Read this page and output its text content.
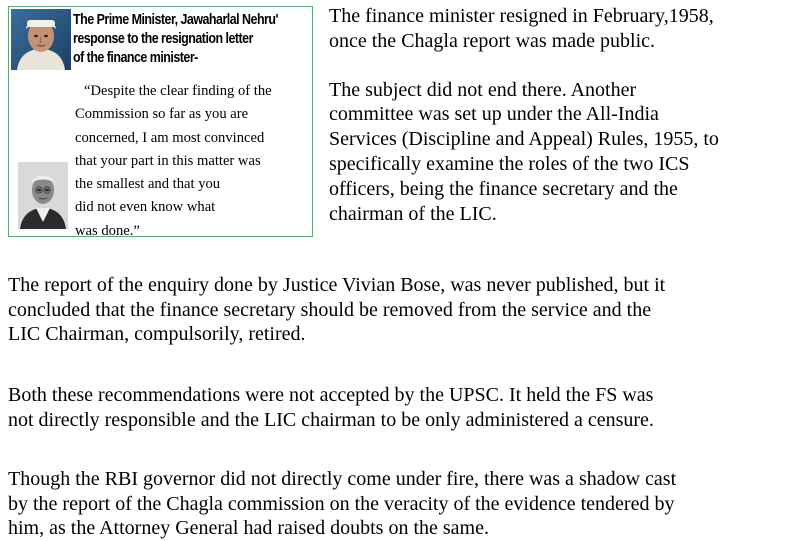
The Prime Minister, Jawaharlal Nehru'
response to the resignation letter
of the finance minister-
“Despite the clear finding of the
Commission so far as you are
concerned, I am most convinced
that your part in this matter was
the smallest and that you
did not even know what
was done.”

The finance minister resigned in February,1958,
once the Chagla report was made public.

The subject did not end there. Another
committee was set up under the All-India
Services (Discipline and Appeal) Rules, 1955, to
specifically examine the roles of the two ICS
officers, being the finance secretary and the
chairman of the LIC.

The report of the enquiry done by Justice Vivian Bose, was never published, but it
concluded that the finance secretary should be removed from the service and the
LIC Chairman, compulsorily, retired.
Both these recommendations were not accepted by the UPSC. It held the FS was
not directly responsible and the LIC chairman to be only administered a censure.
Though the RBI governor did not directly come under fire, there was a shadow cast
by the report of the Chagla commission on the veracity of the evidence tendered by
him, as the Attorney General had raised doubts on the same.
